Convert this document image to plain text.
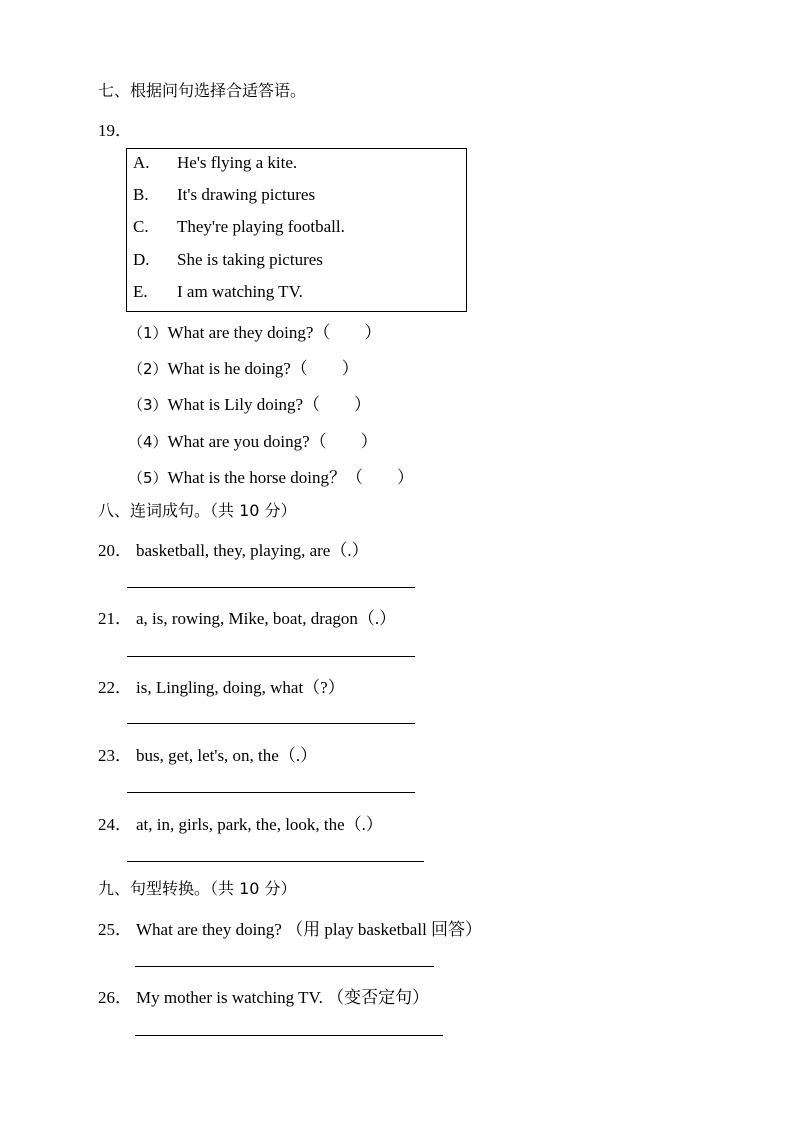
七、根据问句选择合适答语。
19．
A. He's flying a kite.
B. It's drawing pictures
C. They're playing football.
D. She is taking pictures
E. I am watching TV.
（1）What are they doing?（　　）
（2）What is he doing?（　　）
（3）What is Lily doing?（　　）
（4）What are you doing?（　　）
（5）What is the horse doing？（　　）
八、连词成句。（共 10 分）
20． basketball, they, playing, are（.）
21． a, is, rowing, Mike, boat, dragon（.）
22． is, Lingling, doing, what（?）
23． bus, get, let's, on, the（.）
24． at, in, girls, park, the, look, the（.）
九、句型转换。（共 10 分）
25． What are they doing? （用 play basketball 回答）
26． My mother is watching TV. （变否定句）
